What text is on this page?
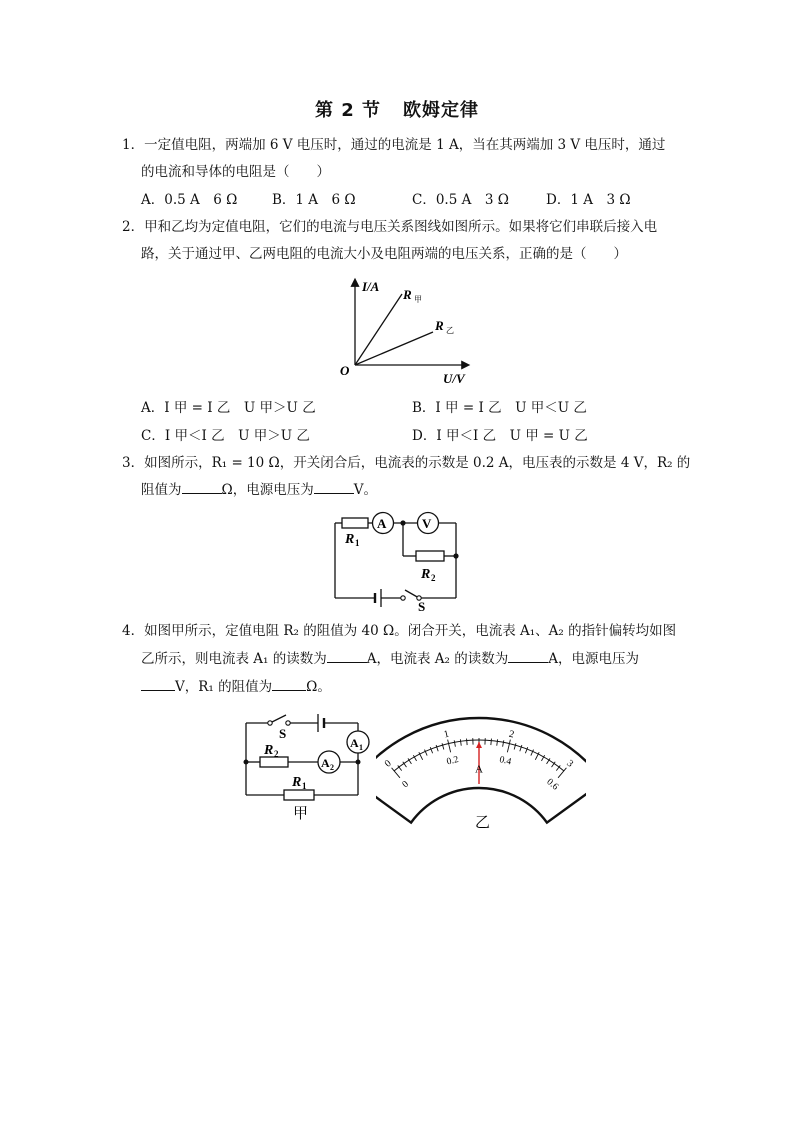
第 2 节 欧姆定律
1．一定值电阻，两端加 6 V 电压时，通过的电流是 1 A，当在其两端加 3 V 电压时，通过
的电流和导体的电阻是（　　）
A．0.5 A　6 Ω	B．1 A　6 Ω	C．0.5 A　3 Ω	D．1 A　3 Ω
2．甲和乙均为定值电阻，它们的电流与电压关系图线如图所示。如果将它们串联后接入电
路，关于通过甲、乙两电阻的电流大小及电阻两端的电压关系，正确的是（　　）
I/A
U/V
O
R 甲
R 乙
A．I 甲 = I 乙　U 甲＞U 乙	B．I 甲 = I 乙　U 甲＜U 乙
C．I 甲＜I 乙　U 甲＞U 乙	D．I 甲＜I 乙　U 甲 = U 乙
3．如图所示，R₁ = 10 Ω，开关闭合后，电流表的示数是 0.2 A，电压表的示数是 4 V，R₂ 的
阻值为	Ω，电源电压为	V。
A	V
R 1
R 2
S
4．如图甲所示，定值电阻 R₂ 的阻值为 40 Ω。闭合开关，电流表 A₁、A₂ 的指针偏转均如图
乙所示，则电流表 A₁ 的读数为	A，电流表 A₂ 的读数为	A，电源电压为
V，R₁ 的阻值为	Ω。
S
R 2
R 1
A 1
A 2
甲
0
1	2
3
0
0.2	0.4
0.6
A
乙
